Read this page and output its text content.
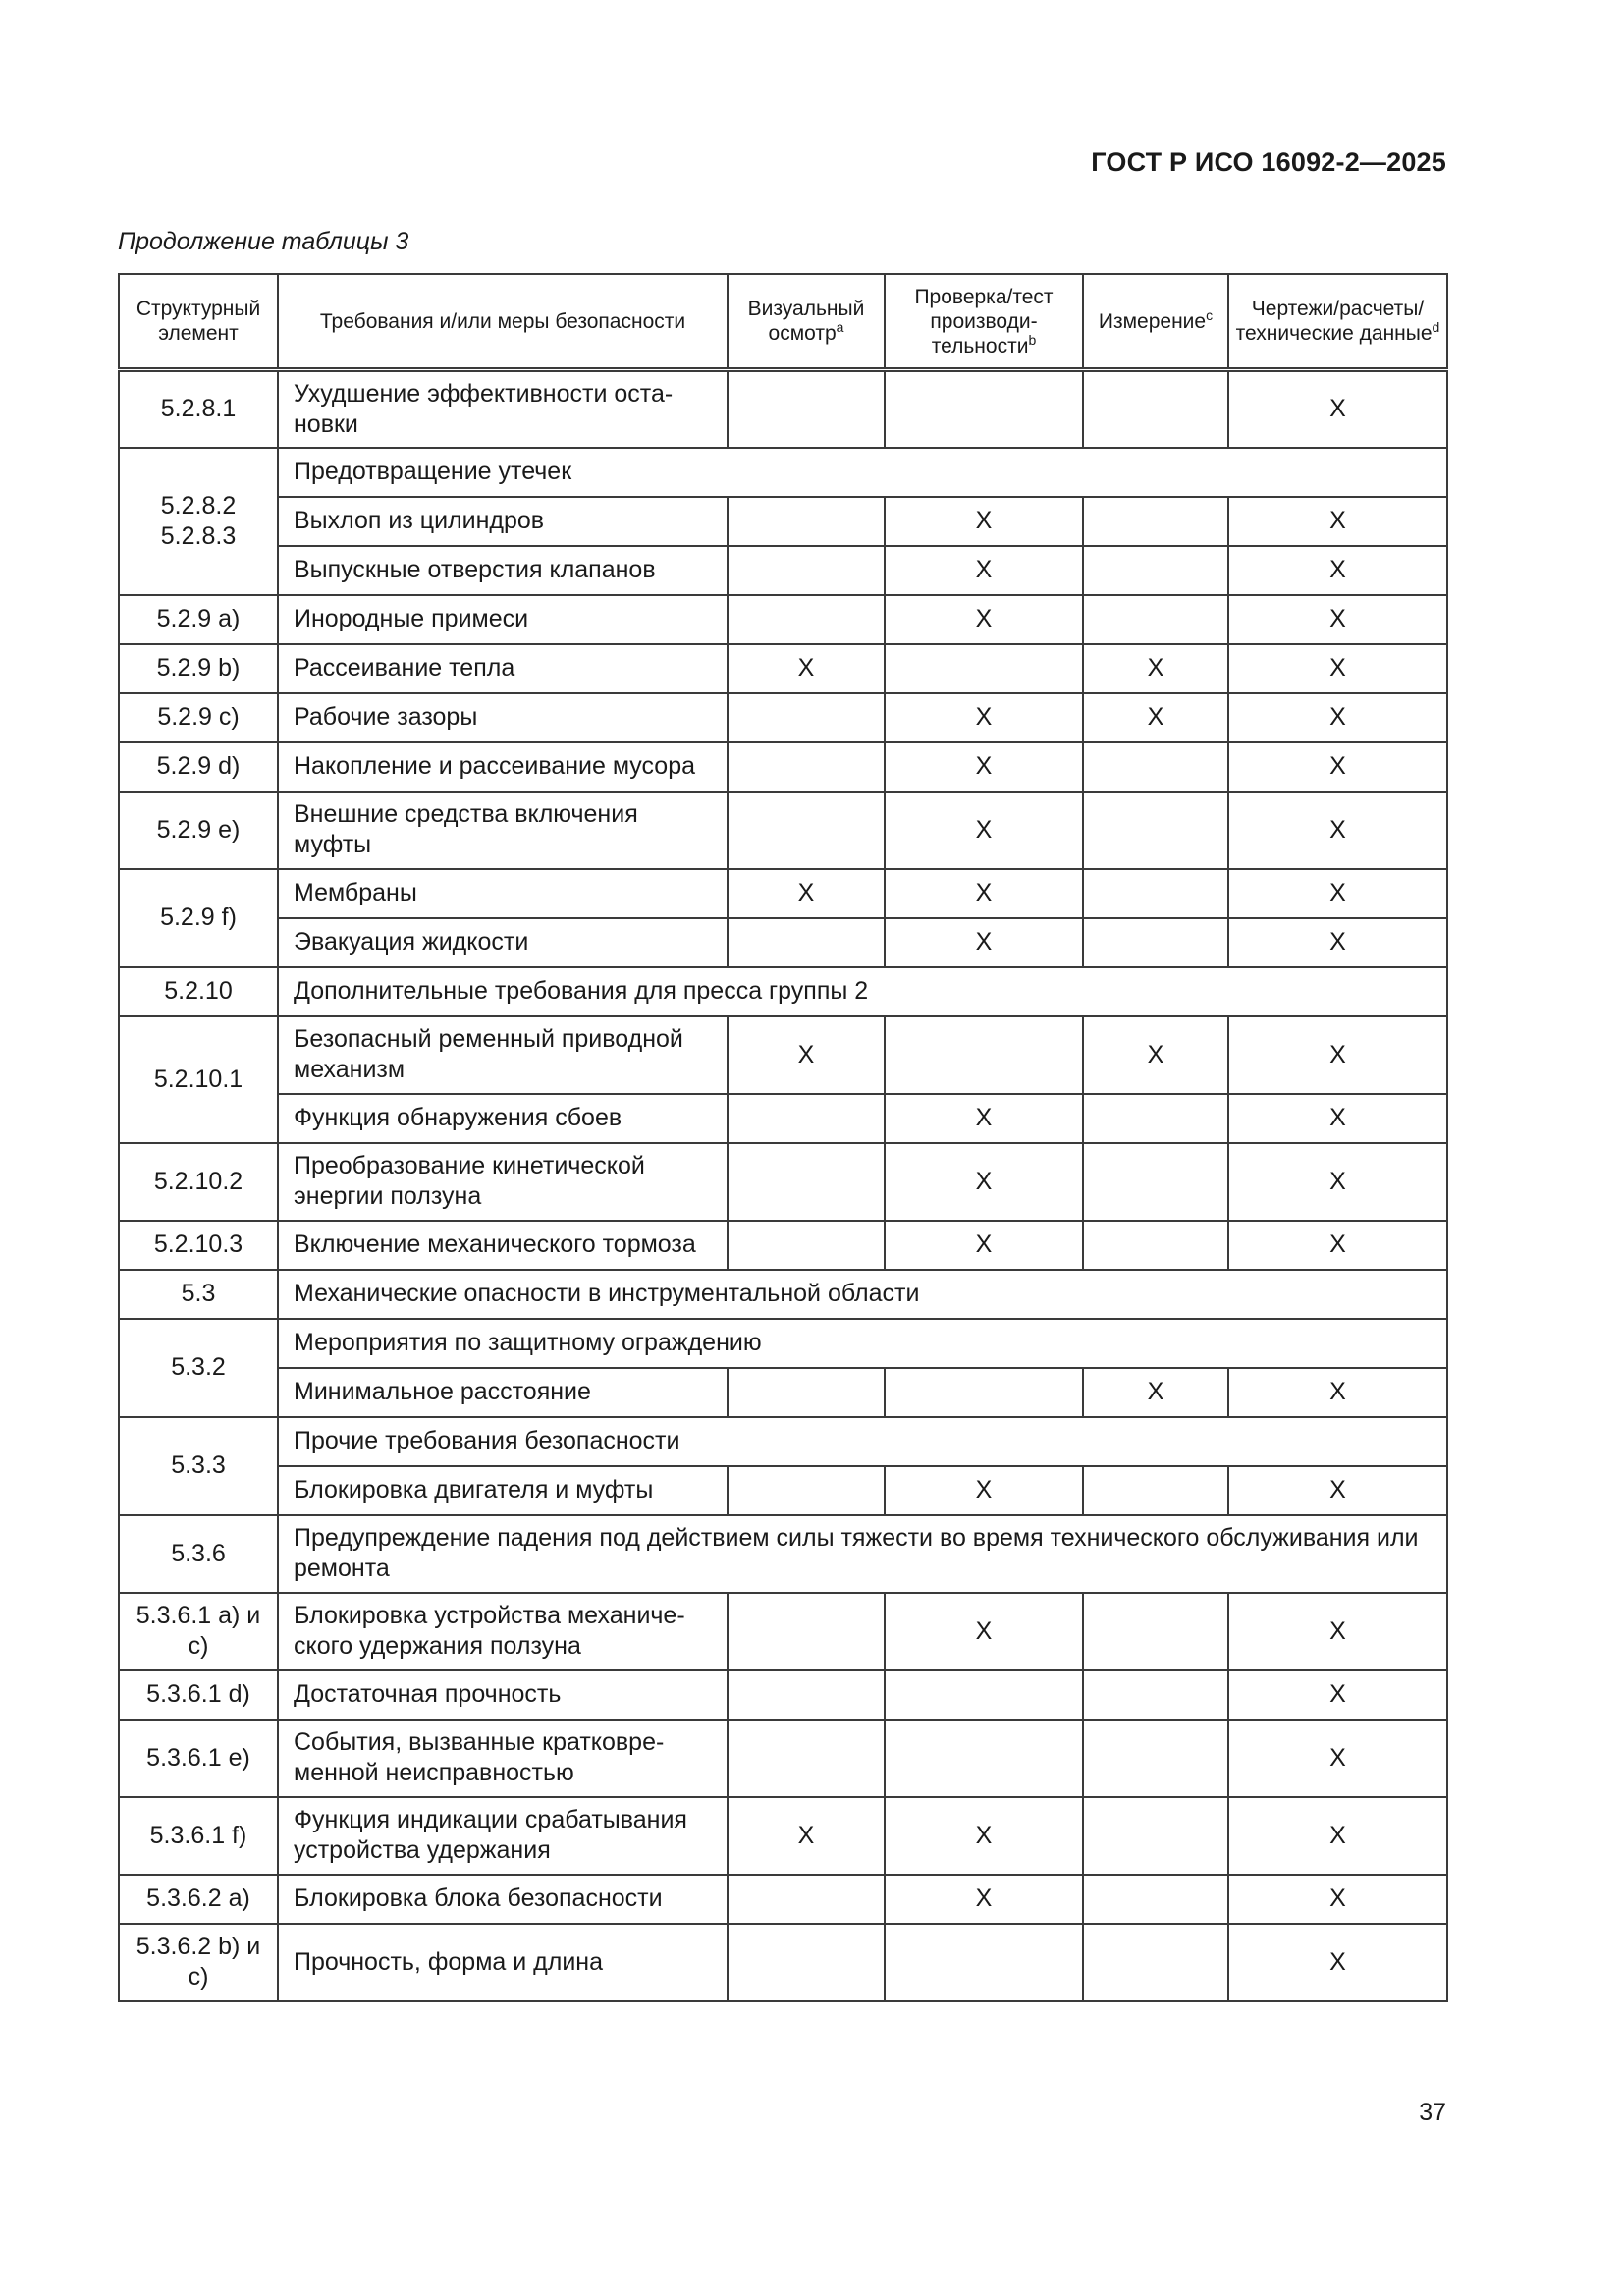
ГОСТ Р ИСО 16092-2—2025
Продолжение таблицы 3
Структурный элемент	Требования и/или меры безопасности	Визуальный осмотр$^a$	Проверка/тест производи- тельности$^b$	Измерение$^c$	Чертежи/расчеты/ технические данные$^d$
5.2.8.1	Ухудшение эффективности оста-новки				X
5.2.8.2 5.2.8.3	Предотвращение утечек				
	Выхлоп из цилиндров		X		X
	Выпускные отверстия клапанов		X		X
5.2.9 a)	Инородные примеси		X		X
5.2.9 b)	Рассеивание тепла	X		X	X
5.2.9 c)	Рабочие зазоры		X	X	X
5.2.9 d)	Накопление и рассеивание мусора		X		X
5.2.9 e)	Внешние средства включения муфты		X		X
5.2.9 f)	Мембраны	X	X		X
	Эвакуация жидкости		X		X
5.2.10	Дополнительные требования для пресса группы 2				
5.2.10.1	Безопасный ременный приводной механизм	X		X	X
	Функция обнаружения сбоев		X		X
5.2.10.2	Преобразование кинетической энергии ползуна		X		X
5.2.10.3	Включение механического тормоза		X		X
5.3	Механические опасности в инструментальной области				
5.3.2	Мероприятия по защитному ограждению				
	Минимальное расстояние			X	X
5.3.3	Прочие требования безопасности				
	Блокировка двигателя и муфты		X		X
5.3.6	Предупреждение падения под действием силы тяжести во время технического обслуживания или ремонта				
5.3.6.1 a) и c)	Блокировка устройства механиче-ского удержания ползуна		X		X
5.3.6.1 d)	Достаточная прочность				X
5.3.6.1 e)	События, вызванные кратковре-менной неисправностью				X
5.3.6.1 f)	Функция индикации срабатывания устройства удержания	X	X		X
5.3.6.2 a)	Блокировка блока безопасности		X		X
5.3.6.2 b) и c)	Прочность, форма и длина				X
37
